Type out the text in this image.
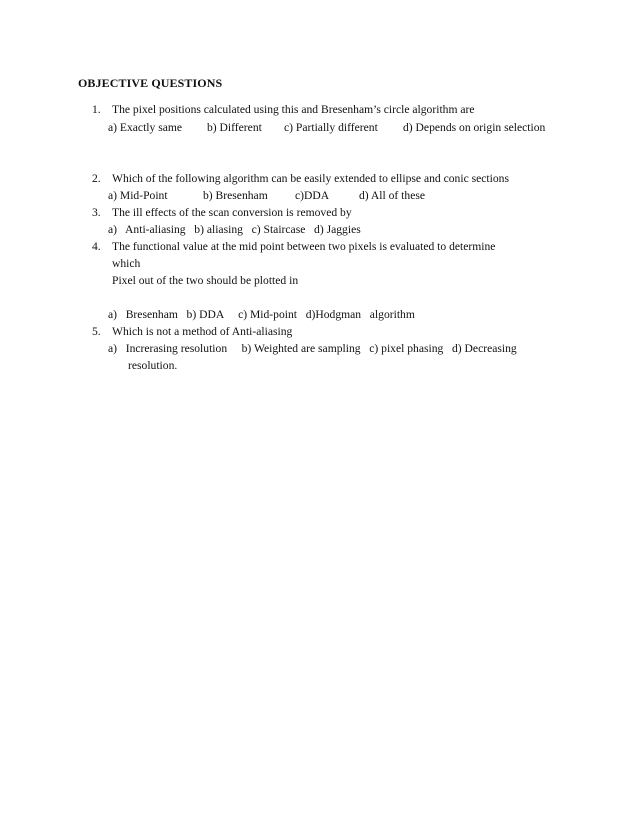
OBJECTIVE QUESTIONS
1. The pixel positions calculated using this and Bresenham’s circle algorithm are
a) Exactly same b) Different c) Partially different d) Depends on origin selection
2. Which of the following algorithm can be easily extended to ellipse and conic sections
a) Mid-Point	b) Bresenham c)DDA	d) All of these
3. The ill effects of the scan conversion is removed by
a)   Anti-aliasing   b) aliasing   c) Staircase   d) Jaggies
4. The functional value at the mid point between two pixels is evaluated to determine
which
Pixel out of the two should be plotted in
a)   Bresenham   b) DDA     c) Mid-point   d)Hodgman   algorithm
5. Which is not a method of Anti-aliasing
a)   Increrasing resolution     b) Weighted are sampling   c) pixel phasing   d) Decreasing
resolution.
